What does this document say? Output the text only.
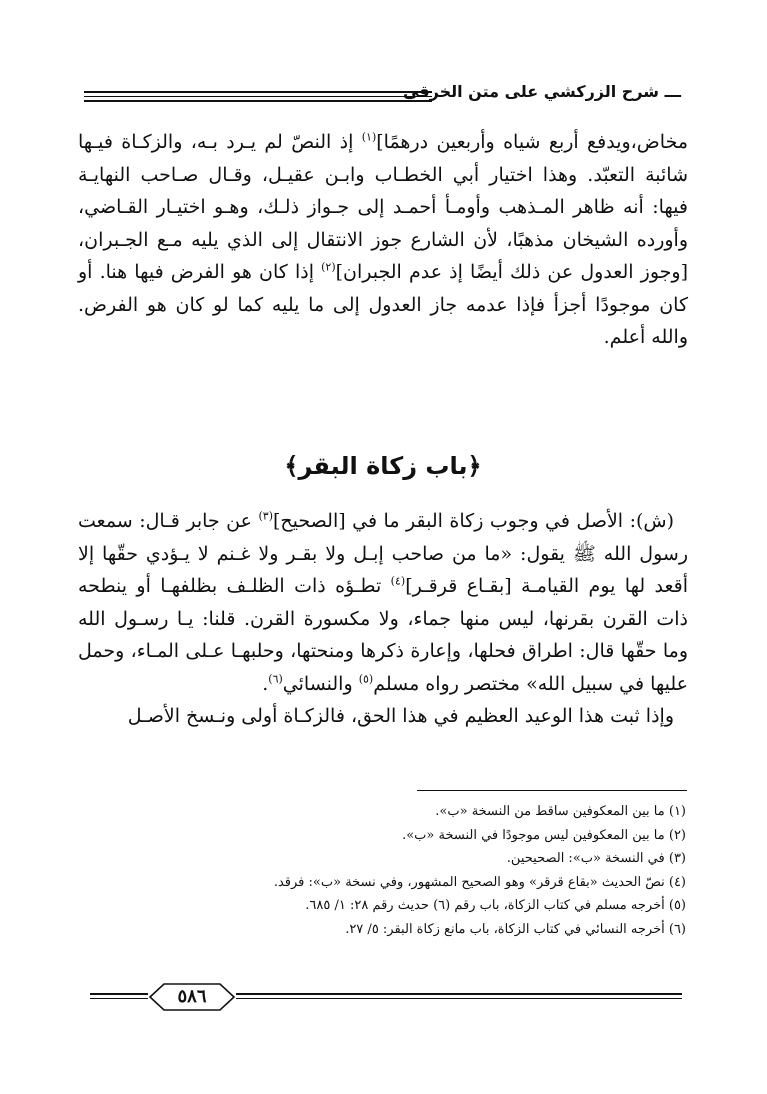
ـــ شرح الزركشي على متن الخرقي

مخاض،ويدفع أربع شياه وأربعين درهمًا]$^{(١)}$ إذ النصّ لم يـرد بـه، والزكـاة فيـها شائبة التعبّد. وهذا اختيار أبي الخطـاب وابـن عقيـل، وقـال صـاحب النهايـة فيها: أنه ظاهر المـذهب وأومـأ أحمـد إلى جـواز ذلـك، وهـو اختيـار القـاضي، وأورده الشيخان مذهبًا، لأن الشارع جوز الانتقال إلى الذي يليه مـع الجـبران، [وجوز العدول عن ذلك أيضًا إذ عدم الجبران]$^{(٢)}$ إذا كان هو الفرض فيها هنا. أو كان موجودًا أجزأ فإذا عدمه جاز العدول إلى ما يليه كما لو كان هو الفرض. والله أعلم.

﴿باب زكاة البقر﴾

(ش): الأصل في وجوب زكاة البقر ما في [الصحيح]$^{(٣)}$ عن جابر قـال: سمعت رسول الله ﷺ يقول: «ما من صاحب إبـل ولا بقـر ولا غـنم لا يـؤدي حقّها إلا أقعد لها يوم القيامـة [بقـاع قرقـر]$^{(٤)}$ تطـؤه ذات الظلـف بظلفهـا أو ينطحه ذات القرن بقرنها، ليس منها جماء، ولا مكسورة القرن. قلنا: يـا رسـول الله وما حقّها قال: اطراق فحلها، وإعارة ذكرها ومنحتها، وحلبهـا عـلى المـاء، وحمل عليها في سبيل الله» مختصر رواه مسلم$^{(٥)}$ والنسائي$^{(٦)}$.

وإذا ثبت هذا الوعيد العظيم في هذا الحق، فالزكـاة أولى ونـسخ الأصـل

(١) ما بين المعكوفين ساقط من النسخة «ب».
(٢) ما بين المعكوفين ليس موجودًا في النسخة «ب».
(٣) في النسخة «ب»: الصحيحين.
(٤) نصّ الحديث «بقاع قرقر» وهو الصحيح المشهور، وفي نسخة «ب»: فرقد.
(٥) أخرجه مسلم في كتاب الزكاة، باب رقم (٦) حديث رقم ٢٨: ١/ ٦٨٥.
(٦) أخرجه النسائي في كتاب الزكاة، باب مانع زكاة البقر: ٥/ ٢٧.
٥٨٦
